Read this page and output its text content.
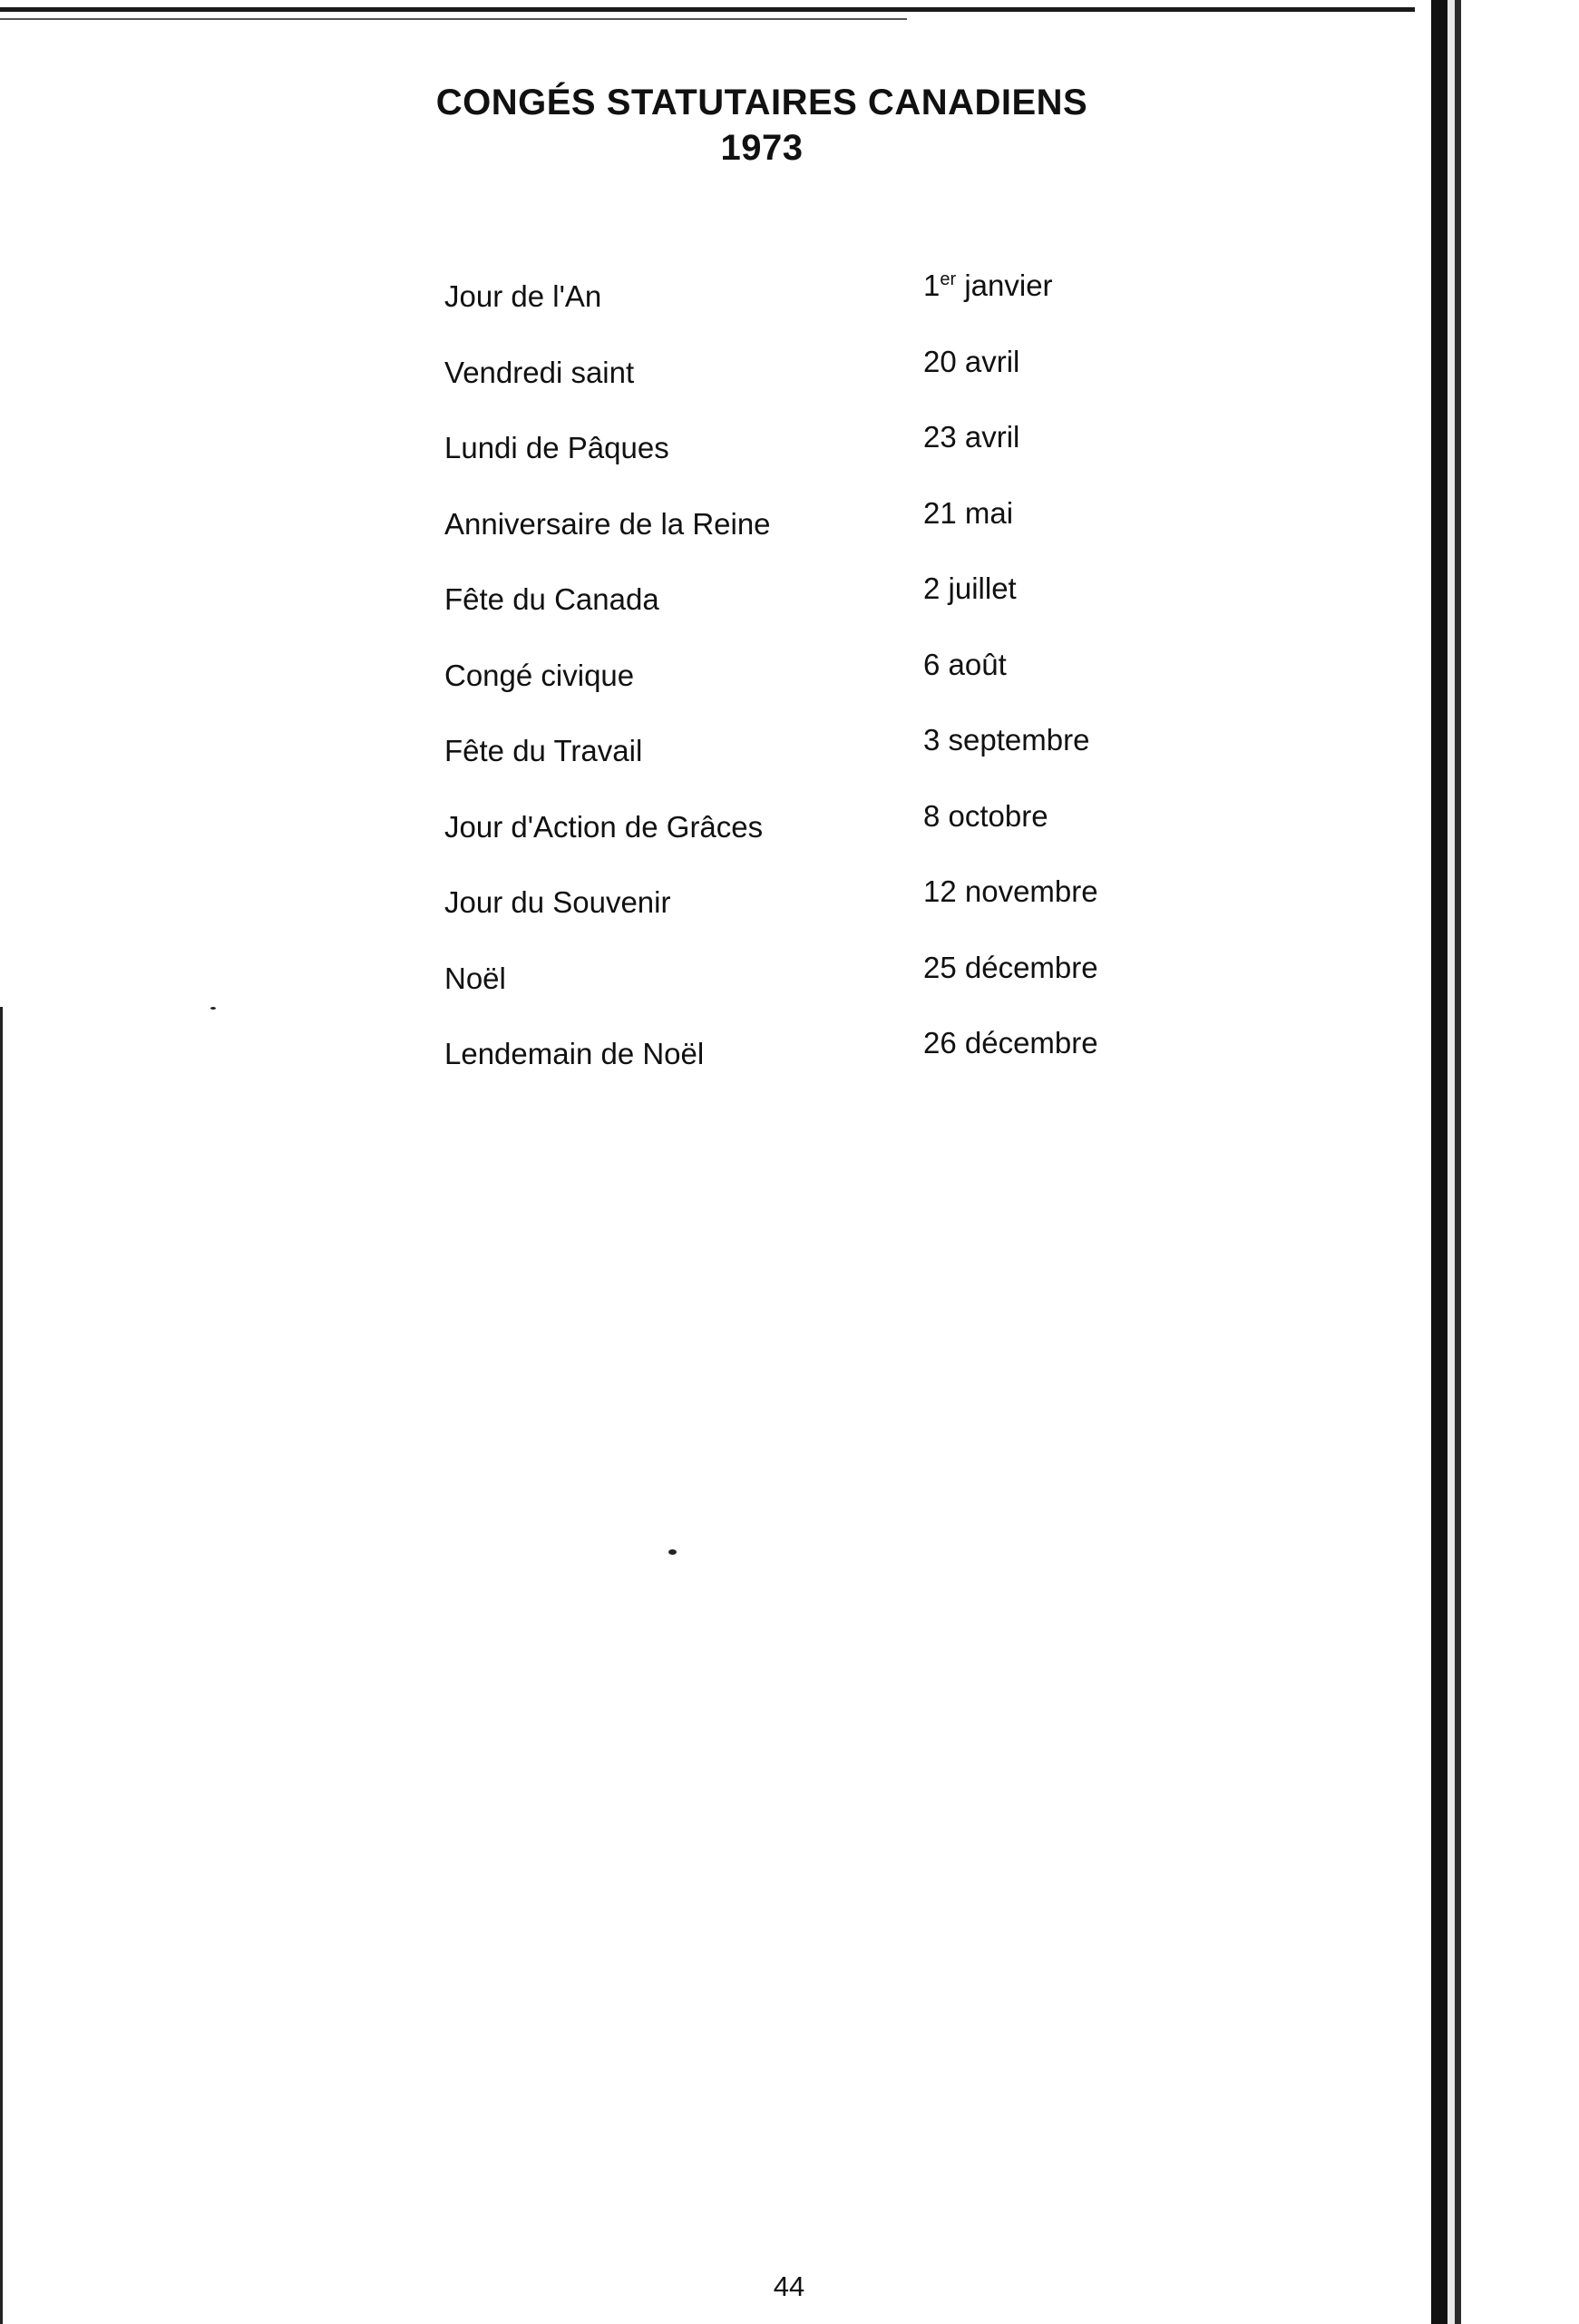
CONGÉS STATUTAIRES CANADIENS
1973
Jour de l'An	1er janvier
Vendredi saint	20 avril
Lundi de Pâques	23 avril
Anniversaire de la Reine	21 mai
Fête du Canada	2 juillet
Congé civique	6 août
Fête du Travail	3 septembre
Jour d'Action de Grâces	8 octobre
Jour du Souvenir	12 novembre
Noël	25 décembre
Lendemain de Noël	26 décembre
44
